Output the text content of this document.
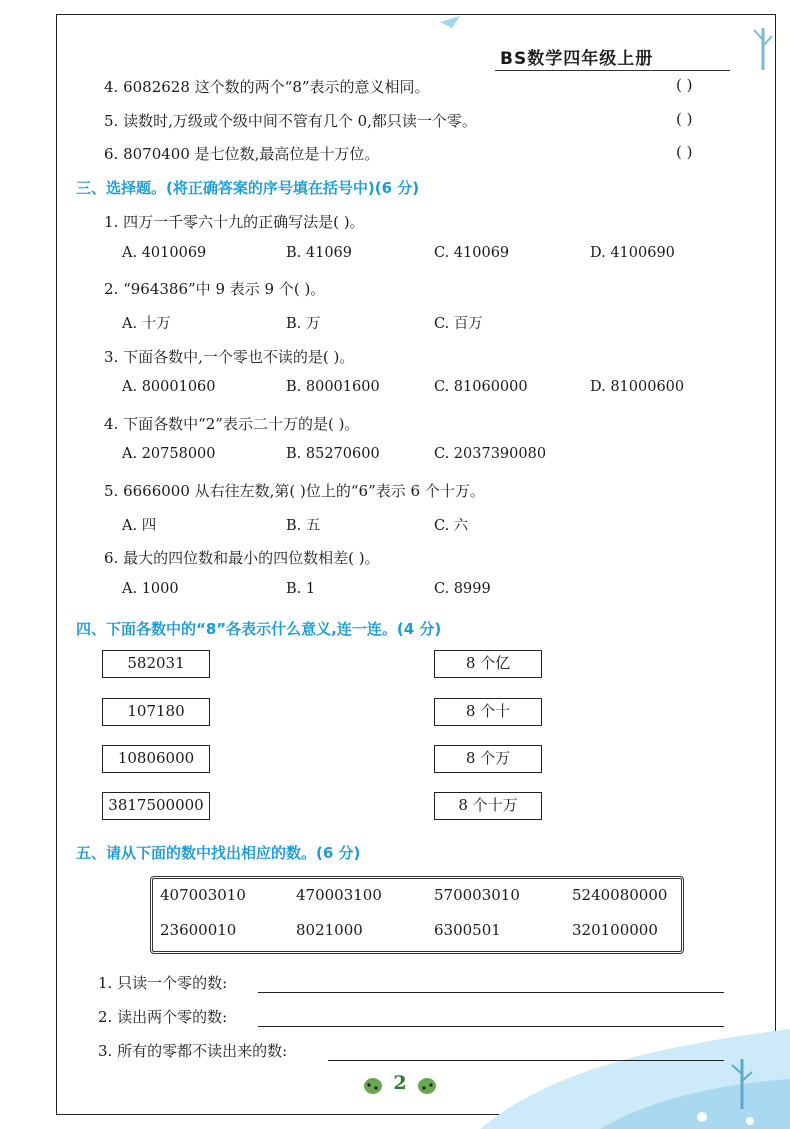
BS数学四年级上册
4. 6082628 这个数的两个“8”表示的意义相同。	( )
5. 读数时,万级或个级中间不管有几个 0,都只读一个零。	( )
6. 8070400 是七位数,最高位是十万位。	( )
三、选择题。(将正确答案的序号填在括号中)(6 分)
1. 四万一千零六十九的正确写法是( )。
A. 4010069	B. 41069	C. 410069	D. 4100690
2. “964386”中 9 表示 9 个( )。
A. 十万	B. 万	C. 百万
3. 下面各数中,一个零也不读的是( )。
A. 80001060	B. 80001600	C. 81060000	D. 81000600
4. 下面各数中“2”表示二十万的是( )。
A. 20758000	B. 85270600	C. 2037390080
5. 6666000 从右往左数,第( )位上的“6”表示 6 个十万。
A. 四	B. 五	C. 六
6. 最大的四位数和最小的四位数相差( )。
A. 1000	B. 1	C. 8999
四、下面各数中的“8”各表示什么意义,连一连。(4 分)
582031
107180
10806000
3817500000
8 个亿
8 个十
8 个万
8 个十万
五、请从下面的数中找出相应的数。(6 分)
407003010	470003100	570003010	5240080000
23600010	8021000	6300501	320100000
1. 只读一个零的数:
2. 读出两个零的数:
3. 所有的零都不读出来的数:
2
